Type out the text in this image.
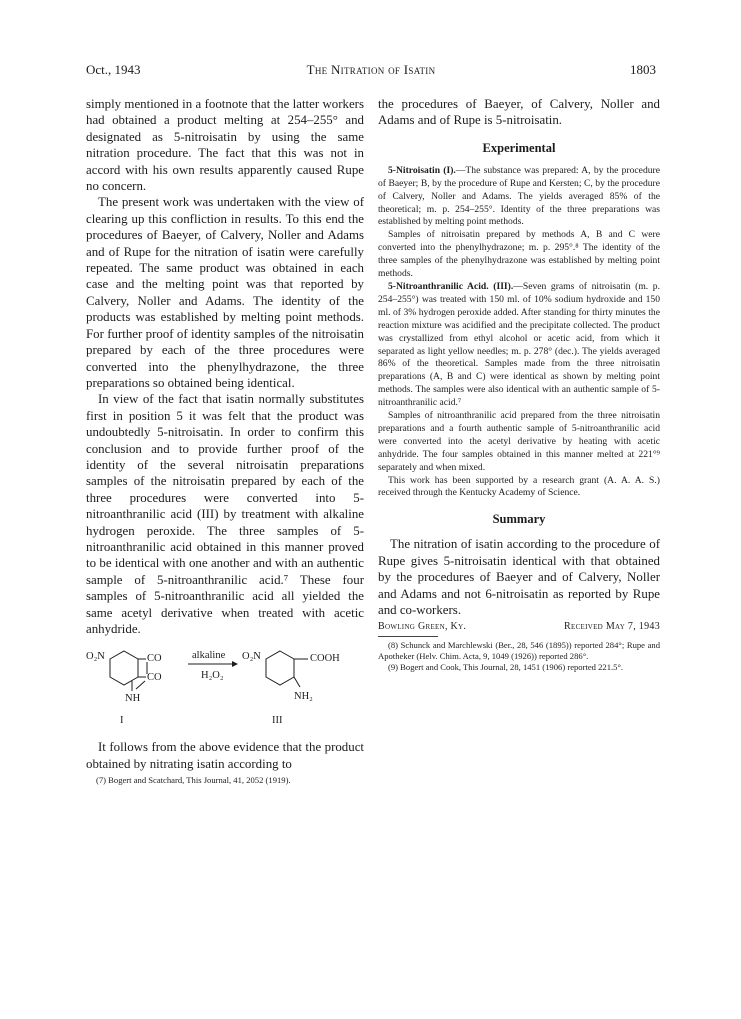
Oct., 1943	The Nitration of Isatin	1803

simply mentioned in a footnote that the latter workers had obtained a product melting at 254–255° and designated as 5-nitroisatin by using the same nitration procedure. The fact that this was not in accord with his own results apparently caused Rupe no concern.

The present work was undertaken with the view of clearing up this confliction in results. To this end the procedures of Baeyer, of Calvery, Noller and Adams and of Rupe for the nitration of isatin were carefully repeated. The same product was obtained in each case and the melting point was that reported by Calvery, Noller and Adams. The identity of the products was established by melting point methods. For further proof of identity samples of the nitroisatin prepared by each of the three procedures were converted into the phenylhydrazone, the three preparations so obtained being identical.

In view of the fact that isatin normally substitutes first in position 5 it was felt that the product was undoubtedly 5-nitroisatin. In order to confirm this conclusion and to provide further proof of the identity of the several nitroisatin preparations samples of the nitroisatin prepared by each of the three procedures were converted into 5-nitroanthranilic acid (III) by treatment with alkaline hydrogen peroxide. The three samples of 5-nitroanthranilic acid obtained in this manner proved to be identical with one another and with an authentic sample of 5-nitroanthranilic acid.⁷ These four samples of 5-nitroanthranilic acid all yielded the same acetyl derivative when treated with acetic anhydride.

O₂N	CO
CO
NH
I
alkaline
H₂O₂
O₂N	COOH
NH₂
III

It follows from the above evidence that the product obtained by nitrating isatin according to

(7) Bogert and Scatchard, This Journal, 41, 2052 (1919).

the procedures of Baeyer, of Calvery, Noller and Adams and of Rupe is 5-nitroisatin.

Experimental

5-Nitroisatin (I).—The substance was prepared: A, by the procedure of Baeyer; B, by the procedure of Rupe and Kersten; C, by the procedure of Calvery, Noller and Adams. The yields averaged 85% of the theoretical; m. p. 254–255°. Identity of the three preparations was established by melting point methods.

Samples of nitroisatin prepared by methods A, B and C were converted into the phenylhydrazone; m. p. 295°.⁸ The identity of the three samples of the phenylhydrazone was established by melting point methods.

5-Nitroanthranilic Acid. (III).—Seven grams of nitroisatin (m. p. 254–255°) was treated with 150 ml. of 10% sodium hydroxide and 150 ml. of 3% hydrogen peroxide added. After standing for thirty minutes the reaction mixture was acidified and the precipitate collected. The product was crystallized from ethyl alcohol or acetic acid, from which it separated as light yellow needles; m. p. 278° (dec.). The yields averaged 86% of the theoretical. Samples made from the three nitroisatin preparations (A, B and C) were identical as shown by melting point methods. The samples were also identical with an authentic sample of 5-nitroanthranilic acid.⁷

Samples of nitroanthranilic acid prepared from the three nitroisatin preparations and a fourth authentic sample of 5-nitroanthranilic acid were converted into the acetyl derivative by heating with acetic anhydride. The four samples obtained in this manner melted at 221°⁹ separately and when mixed.

This work has been supported by a research grant (A. A. A. S.) received through the Kentucky Academy of Science.

Summary

The nitration of isatin according to the procedure of Rupe gives 5-nitroisatin identical with that obtained by the procedures of Baeyer and of Calvery, Noller and Adams and not 6-nitroisatin as reported by Rupe and co-workers.

Bowling Green, Ky.	Received May 7, 1943

(8) Schunck and Marchlewski (Ber., 28, 546 (1895)) reported 284°; Rupe and Apotheker (Helv. Chim. Acta, 9, 1049 (1926)) reported 286°.

(9) Bogert and Cook, This Journal, 28, 1451 (1906) reported 221.5°.
